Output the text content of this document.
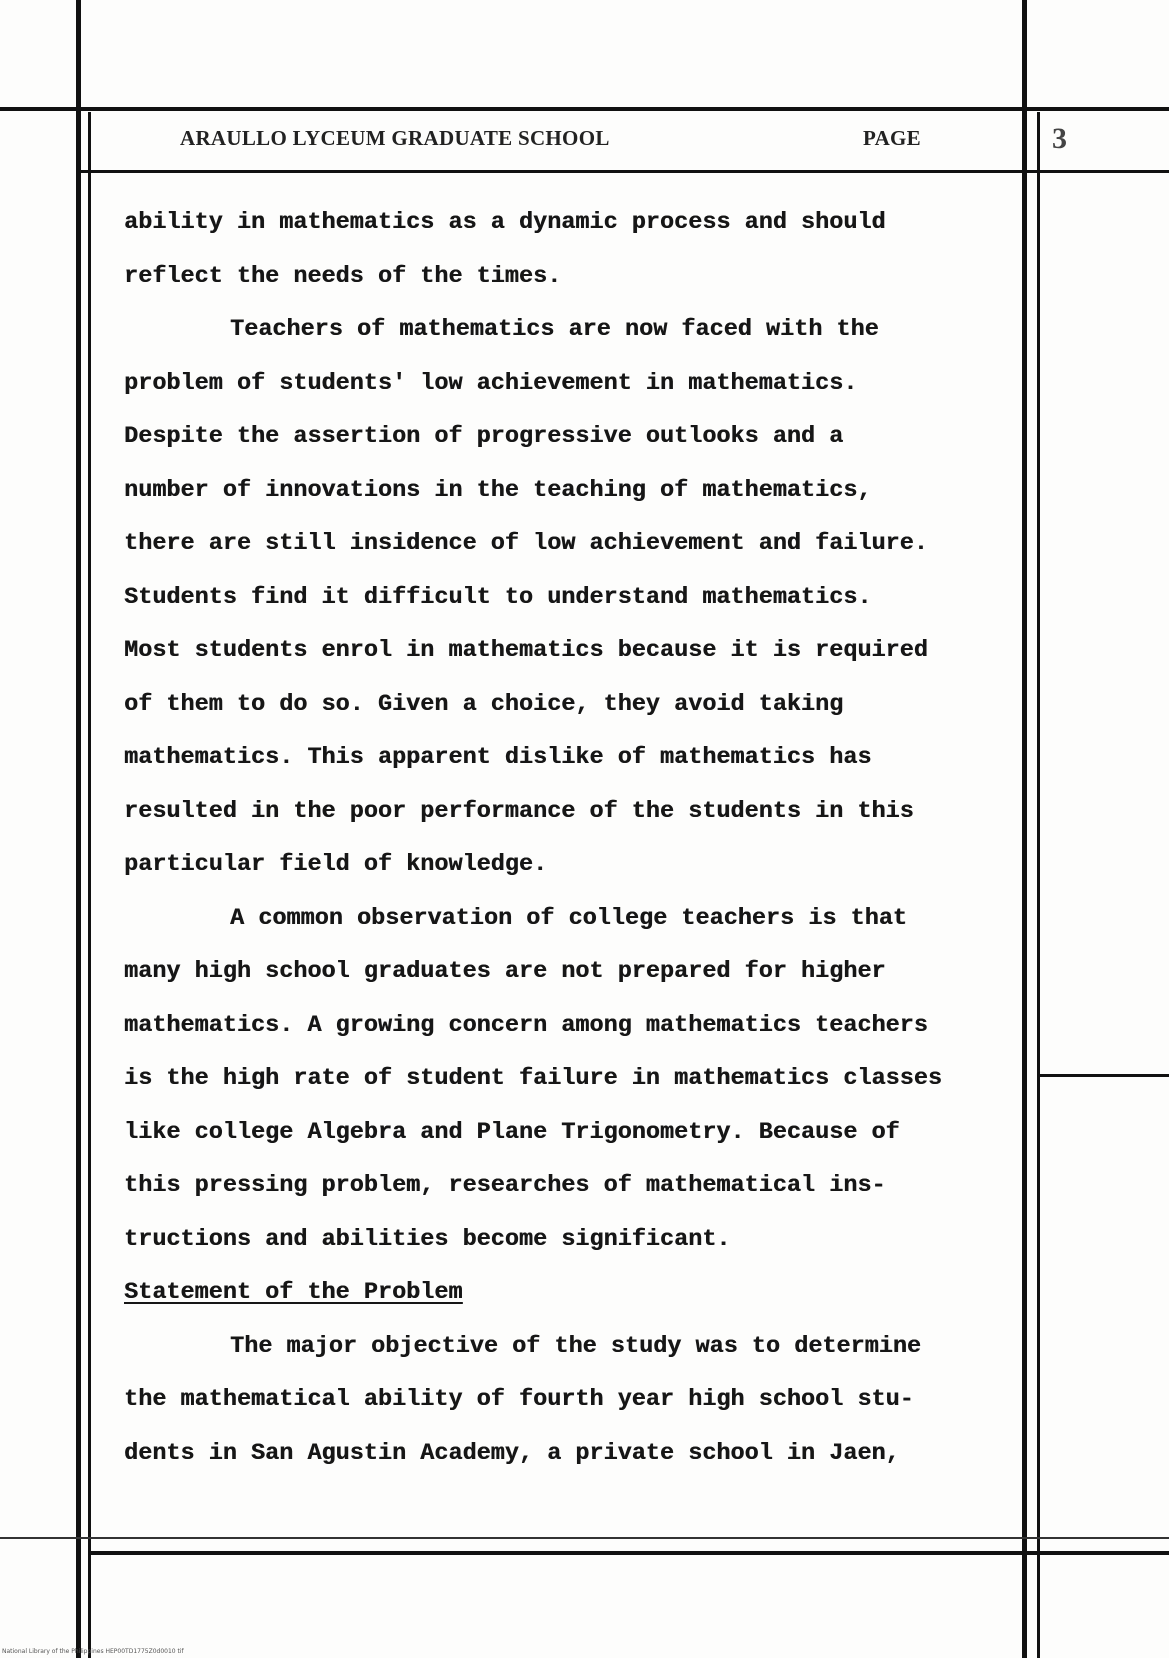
ARAULLO LYCEUM GRADUATE SCHOOL	PAGE	3
ability in mathematics as a dynamic process and should
reflect the needs of the times.
Teachers of mathematics are now faced with the
problem of students' low achievement in mathematics.
Despite the assertion of progressive outlooks and a
number of innovations in the teaching of mathematics,
there are still insidence of low achievement and failure.
Students find it difficult to understand mathematics.
Most students enrol in mathematics because it is required
of them to do so. Given a choice, they avoid taking
mathematics. This apparent dislike of mathematics has
resulted in the poor performance of the students in this
particular field of knowledge.
A common observation of college teachers is that
many high school graduates are not prepared for higher
mathematics. A growing concern among mathematics teachers
is the high rate of student failure in mathematics classes
like college Algebra and Plane Trigonometry. Because of
this pressing problem, researches of mathematical ins-
tructions and abilities become significant.
Statement of the Problem
The major objective of the study was to determine
the mathematical ability of fourth year high school stu-
dents in San Agustin Academy, a private school in Jaen,
National Library of the Philippines HEP00TD1775Z0d0010 tif
